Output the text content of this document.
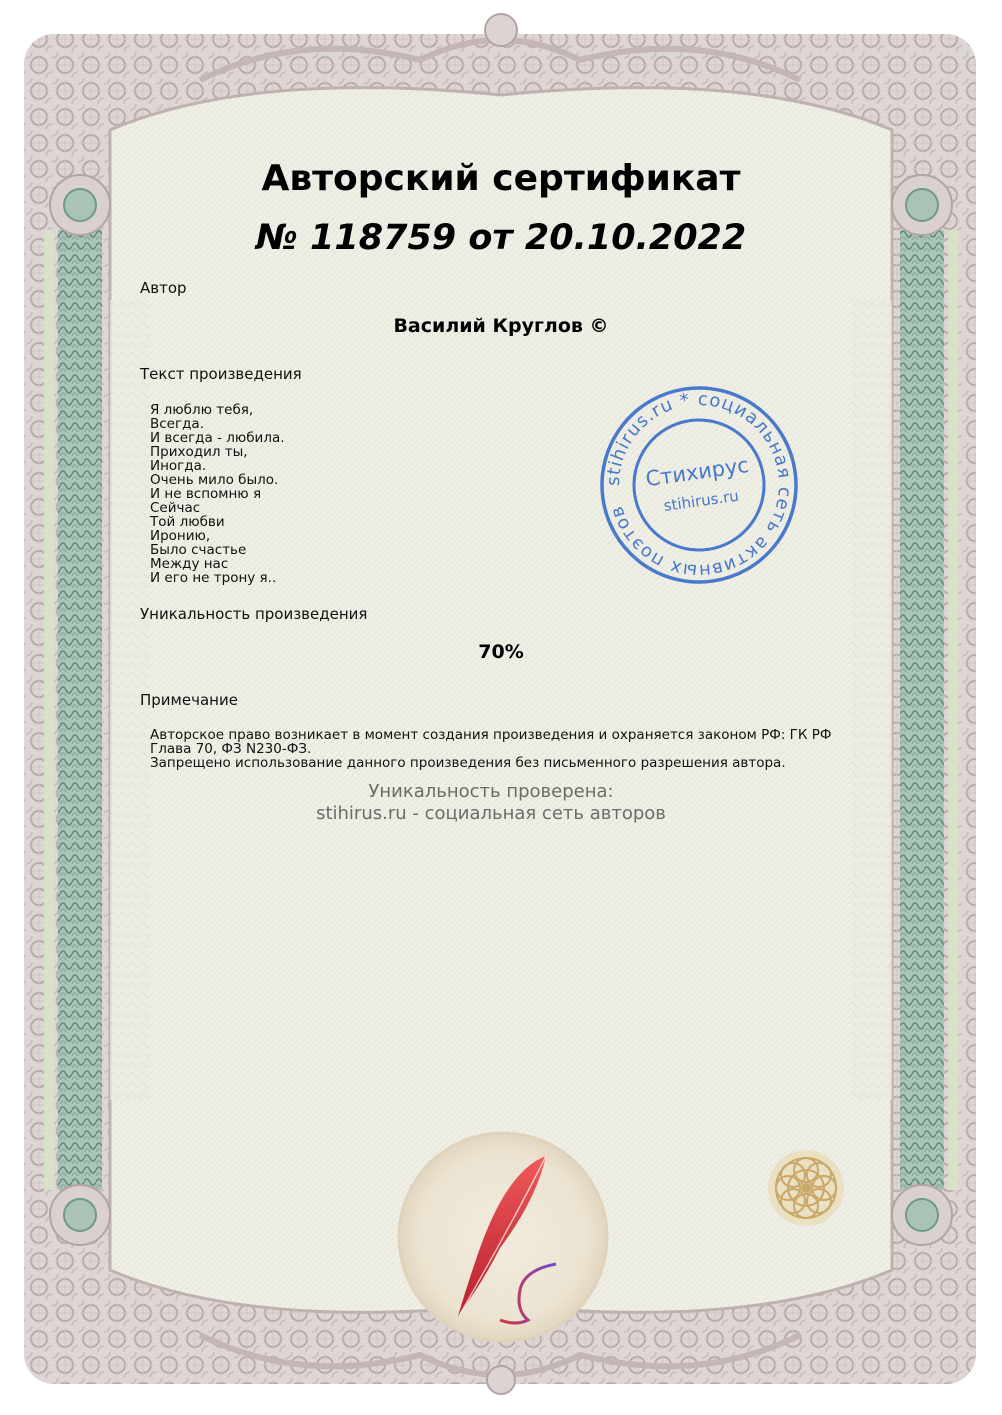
Авторский сертификат
№ 118759 от 20.10.2022
Автор
Василий Круглов ©
Текст произведения
Я люблю тебя,
Всегда.
И всегда - любила.
Приходил ты,
Иногда.
Очень мило было.
И не вспомню я
Сейчас
Той любви
Иронию,
Было счастье
Между нас
И его не трону я..
Уникальность произведения
70%
Примечание

Авторское право возникает в момент создания произведения и охраняется законом РФ: ГК РФ Глава 70, ФЗ N230-ФЗ.

Запрещено использование данного произведения без письменного разрешения автора.

Уникальность проверена:
stihirus.ru - социальная сеть авторов
stihirus.ru * социальная сеть активных поэтов
Стихирус
stihirus.ru
